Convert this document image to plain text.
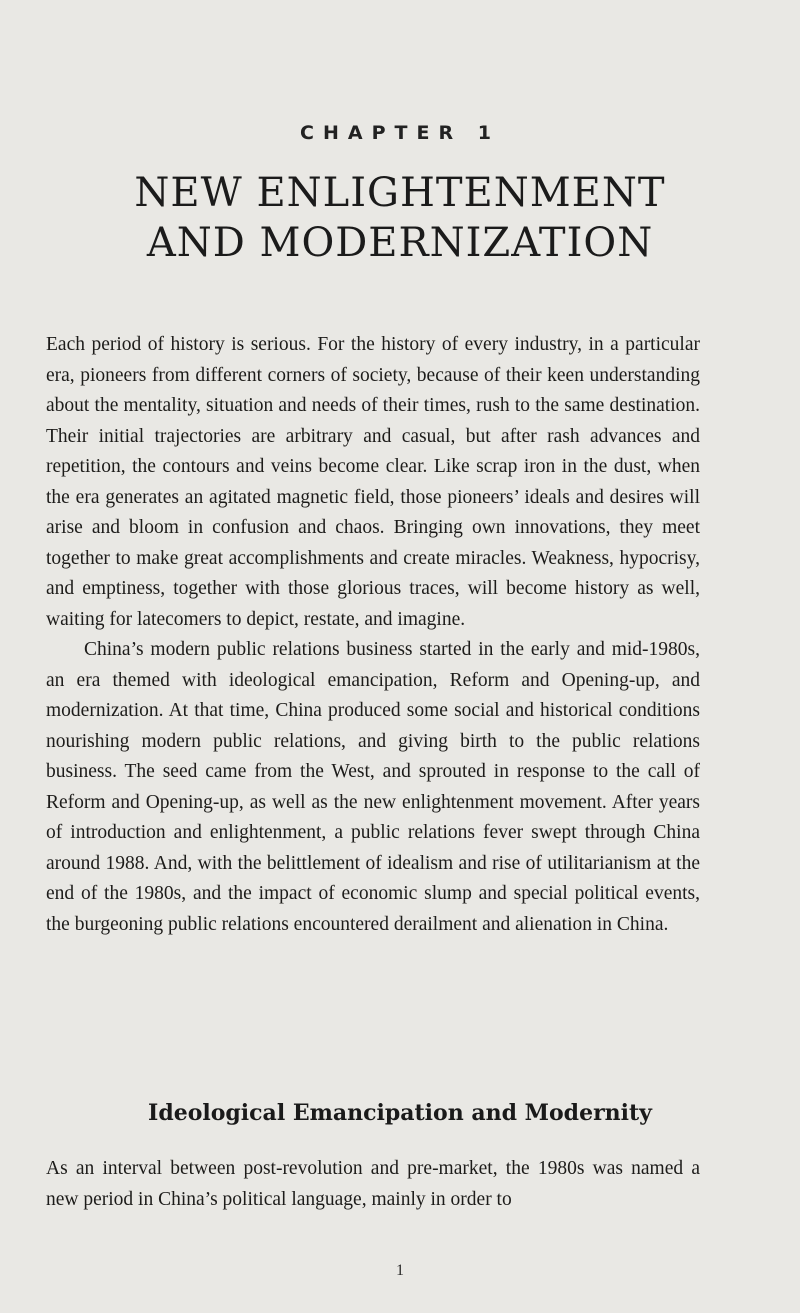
CHAPTER 1
NEW ENLIGHTENMENT
AND MODERNIZATION

Each period of history is serious. For the history of every industry, in a particular era, pioneers from different corners of society, because of their keen understanding about the mentality, situation and needs of their times, rush to the same destination. Their initial trajectories are arbitrary and casual, but after rash advances and repetition, the contours and veins become clear. Like scrap iron in the dust, when the era generates an agitated magnetic field, those pioneers’ ideals and desires will arise and bloom in confusion and chaos. Bringing own innovations, they meet together to make great accomplishments and create miracles. Weakness, hypocrisy, and emptiness, together with those glorious traces, will become history as well, waiting for latecomers to depict, restate, and imagine.

China’s modern public relations business started in the early and mid-1980s, an era themed with ideological emancipation, Reform and Opening-up, and modernization. At that time, China produced some social and historical conditions nourishing modern public relations, and giving birth to the public relations business. The seed came from the West, and sprouted in response to the call of Reform and Opening-up, as well as the new enlightenment movement. After years of introduction and enlightenment, a public relations fever swept through China around 1988. And, with the belittlement of idealism and rise of utilitarianism at the end of the 1980s, and the impact of economic slump and special political events, the burgeoning public relations encountered derailment and alienation in China.

Ideological Emancipation and Modernity

As an interval between post-revolution and pre-market, the 1980s was named a new period in China’s political language, mainly in order to

1
